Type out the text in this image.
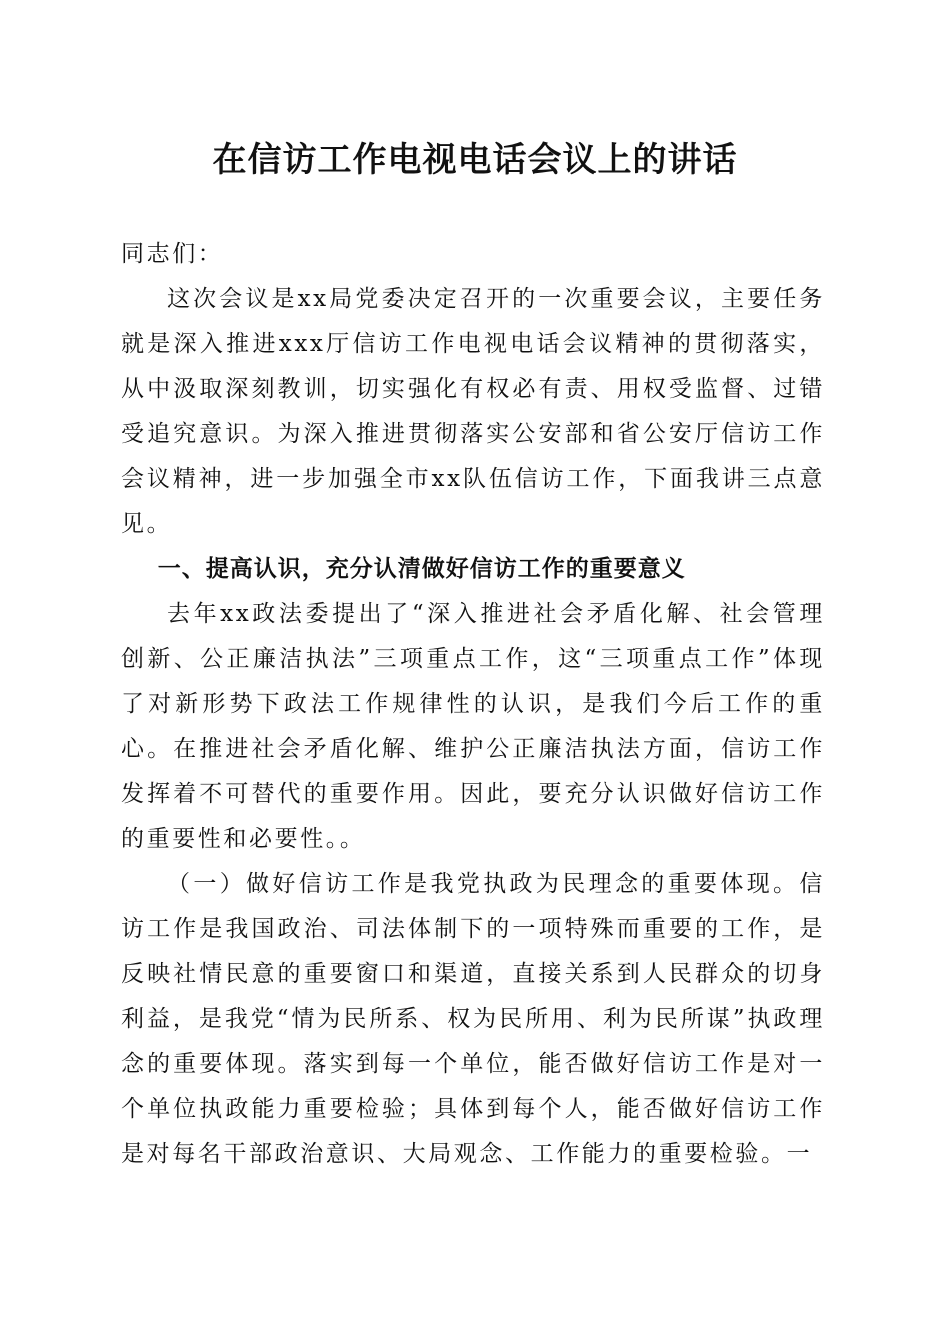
在信访工作电视电话会议上的讲话

同志们：

这次会议是xx局党委决定召开的一次重要会议，主要任务就是深入推进xxx厅信访工作电视电话会议精神的贯彻落实，从中汲取深刻教训，切实强化有权必有责、用权受监督、过错受追究意识。为深入推进贯彻落实公安部和省公安厅信访工作会议精神，进一步加强全市xx队伍信访工作，下面我讲三点意见。

一、提高认识，充分认清做好信访工作的重要意义

去年xx政法委提出了“深入推进社会矛盾化解、社会管理创新、公正廉洁执法”三项重点工作，这“三项重点工作”体现了对新形势下政法工作规律性的认识，是我们今后工作的重心。在推进社会矛盾化解、维护公正廉洁执法方面，信访工作发挥着不可替代的重要作用。因此，要充分认识做好信访工作的重要性和必要性。。

（一）做好信访工作是我党执政为民理念的重要体现。信访工作是我国政治、司法体制下的一项特殊而重要的工作，是反映社情民意的重要窗口和渠道，直接关系到人民群众的切身利益，是我党“情为民所系、权为民所用、利为民所谋”执政理念的重要体现。落实到每一个单位，能否做好信访工作是对一个单位执政能力重要检验；具体到每个人，能否做好信访工作是对每名干部政治意识、大局观念、工作能力的重要检验。一
